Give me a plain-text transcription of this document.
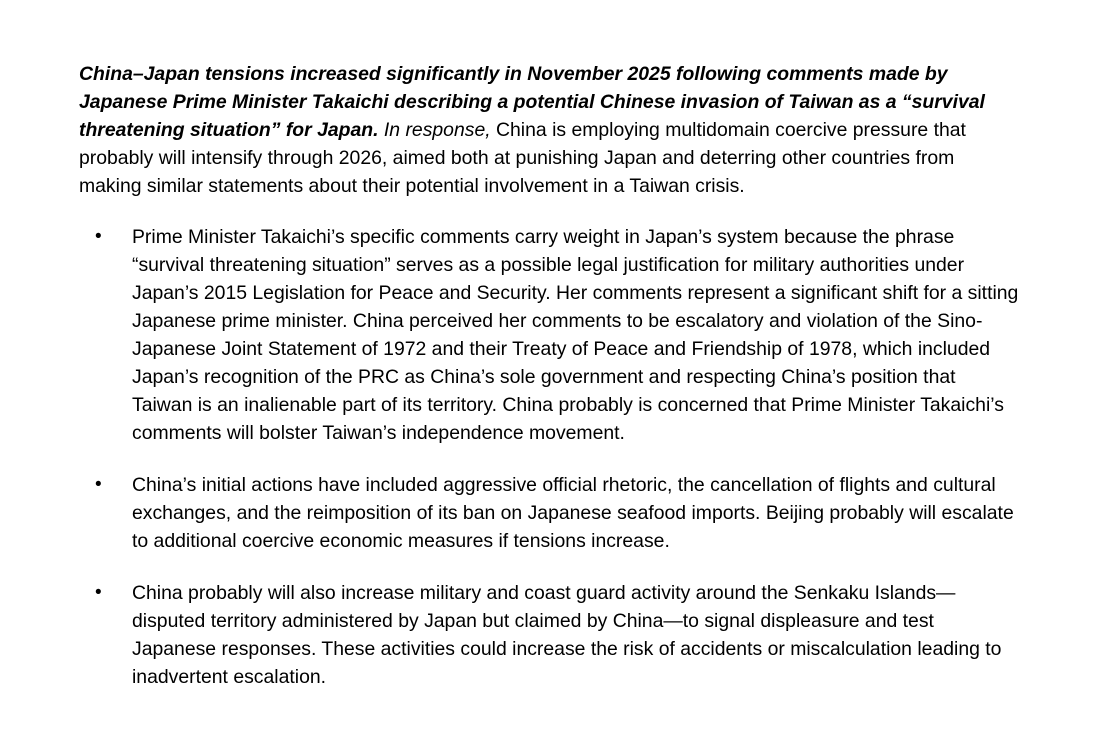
China–Japan tensions increased significantly in November 2025 following comments made by Japanese Prime Minister Takaichi describing a potential Chinese invasion of Taiwan as a “survival threatening situation” for Japan. In response, China is employing multidomain coercive pressure that probably will intensify through 2026, aimed both at punishing Japan and deterring other countries from making similar statements about their potential involvement in a Taiwan crisis.

• Prime Minister Takaichi’s specific comments carry weight in Japan’s system because the phrase “survival threatening situation” serves as a possible legal justification for military authorities under Japan’s 2015 Legislation for Peace and Security. Her comments represent a significant shift for a sitting Japanese prime minister. China perceived her comments to be escalatory and violation of the Sino-Japanese Joint Statement of 1972 and their Treaty of Peace and Friendship of 1978, which included Japan’s recognition of the PRC as China’s sole government and respecting China’s position that Taiwan is an inalienable part of its territory. China probably is concerned that Prime Minister Takaichi’s comments will bolster Taiwan’s independence movement.
• China’s initial actions have included aggressive official rhetoric, the cancellation of flights and cultural exchanges, and the reimposition of its ban on Japanese seafood imports. Beijing probably will escalate to additional coercive economic measures if tensions increase.
• China probably will also increase military and coast guard activity around the Senkaku Islands—disputed territory administered by Japan but claimed by China—to signal displeasure and test Japanese responses. These activities could increase the risk of accidents or miscalculation leading to inadvertent escalation.
